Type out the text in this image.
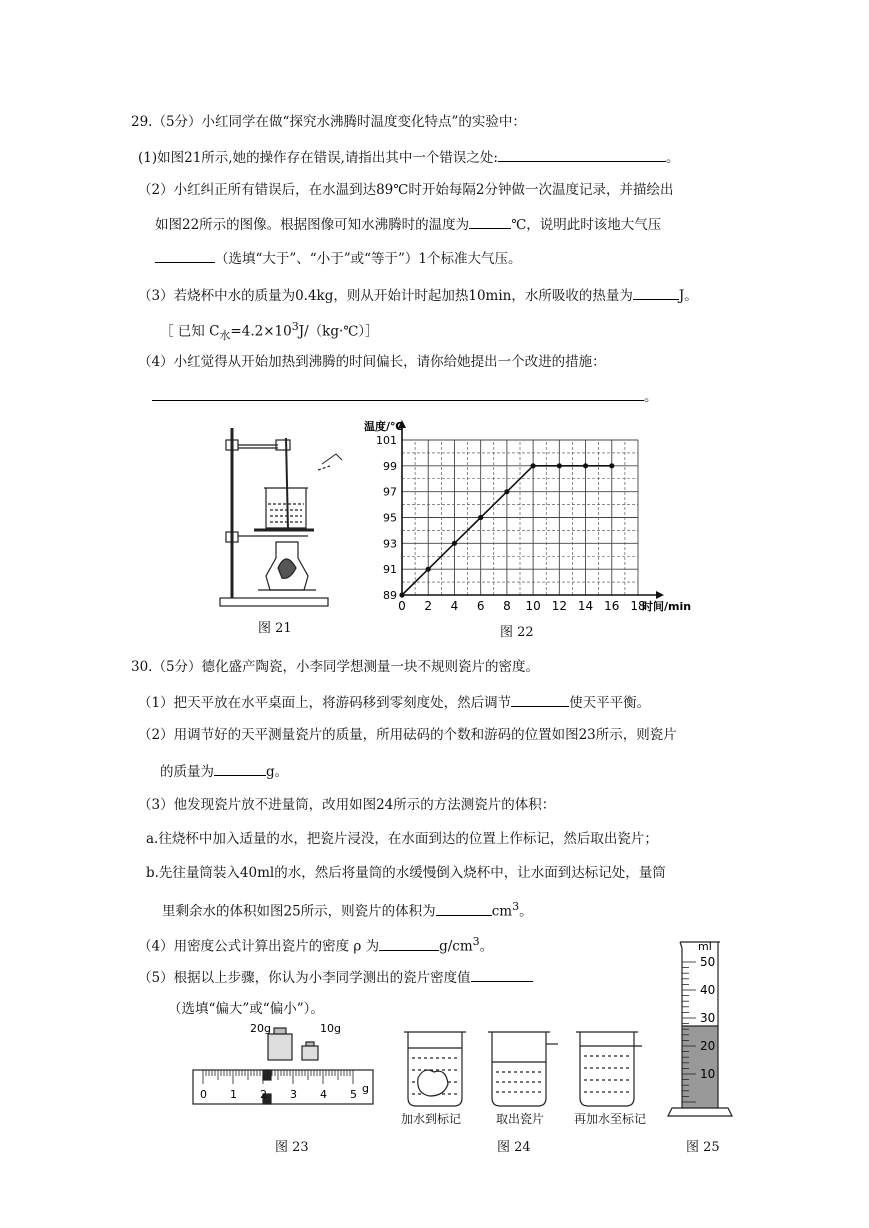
29.（5分）小红同学在做“探究水沸腾时温度变化特点”的实验中：
(1)如图21所示,她的操作存在错误,请指出其中一个错误之处:	。
（2）小红纠正所有错误后，在水温到达89℃时开始每隔2分钟做一次温度记录，并描绘出
如图22所示的图像。根据图像可知水沸腾时的温度为	℃，说明此时该地大气压
（选填“大于”、“小于”或“等于”）1个标准大气压。
（3）若烧杯中水的质量为0.4kg，则从开始计时起加热10min，水所吸收的热量为	J。
［ 已知 $C_水=4.2\times 10^3J/(kg\cdot℃)]$
（4）小红觉得从开始加热到沸腾的时间偏长，请你给她提出一个改进的措施：
。
图 21
0 2 4 6 8 10 12 14 16 18
89
91
93
95
97
99
101
温度/℃
时间/min
图 22
30.（5分）德化盛产陶瓷，小李同学想测量一块不规则瓷片的密度。
（1）把天平放在水平桌面上，将游码移到零刻度处，然后调节	使天平平衡。
（2）用调节好的天平测量瓷片的质量，所用砝码的个数和游码的位置如图23所示，则瓷片
的质量为	g。
（3）他发现瓷片放不进量筒，改用如图24所示的方法测瓷片的体积：
a.往烧杯中加入适量的水，把瓷片浸没，在水面到达的位置上作标记，然后取出瓷片；
b.先往量筒装入40ml的水，然后将量筒的水缓慢倒入烧杯中，让水面到达标记处，量筒
里剩余水的体积如图25所示，则瓷片的体积为	$cm^3$。
（4）用密度公式计算出瓷片的密度 ρ 为	$g/cm^3$。
（5）根据以上步骤，你认为小李同学测出的瓷片密度值
（选填“偏大”或“偏小”）。
20g	10g
0 1 2 3 4 5 g
图 23
加水到标记	取出瓷片 再加水至标记
图 24
ml
50
40
30
20
10
图 25
